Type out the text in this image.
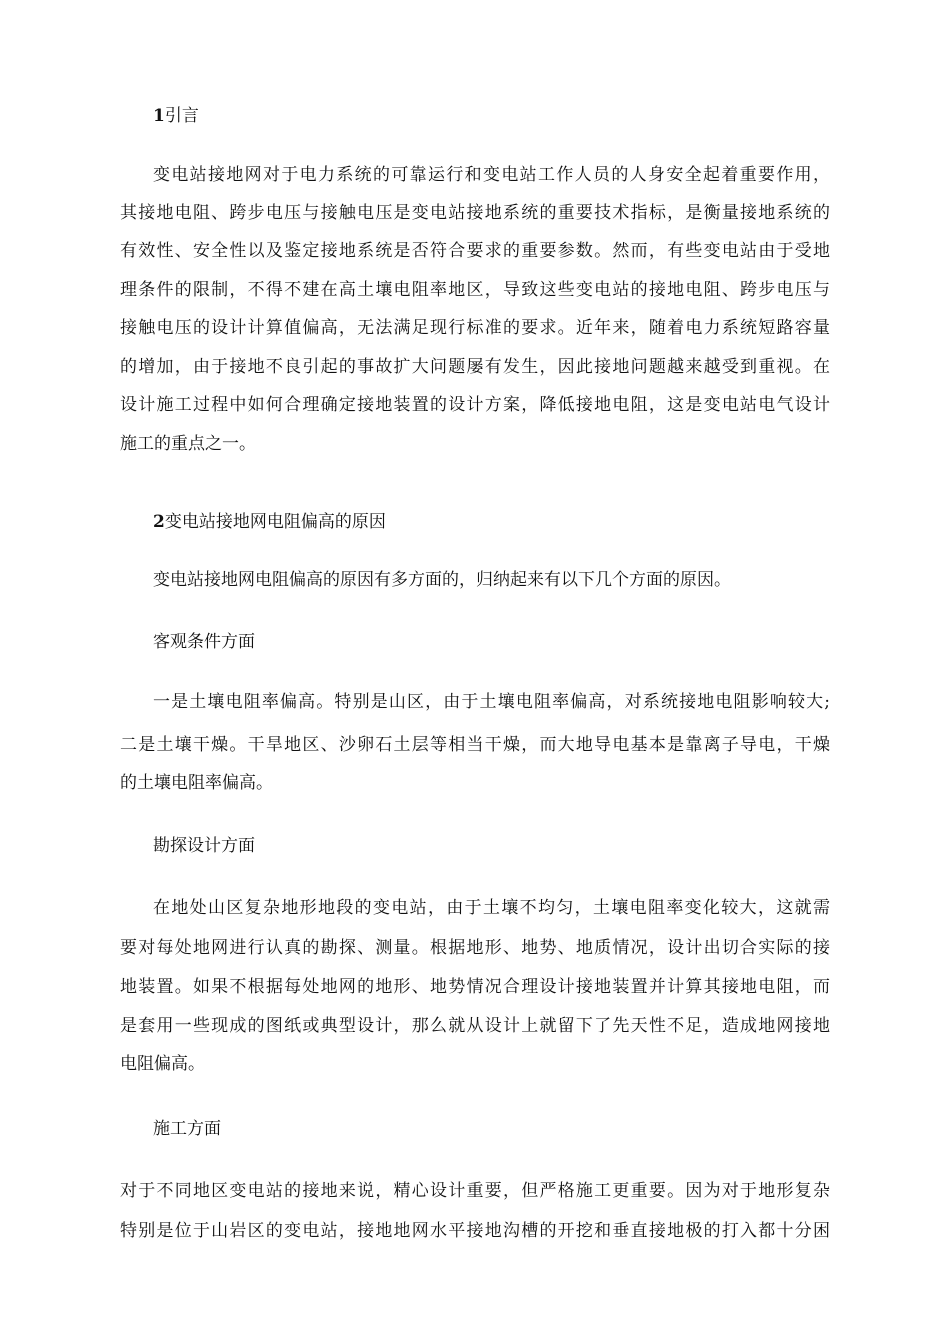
1引言
变电站接地网对于电力系统的可靠运行和变电站工作人员的人身安全起着重要作用，
其接地电阻、跨步电压与接触电压是变电站接地系统的重要技术指标，是衡量接地系统的
有效性、安全性以及鉴定接地系统是否符合要求的重要参数。然而，有些变电站由于受地
理条件的限制，不得不建在高土壤电阻率地区，导致这些变电站的接地电阻、跨步电压与
接触电压的设计计算值偏高，无法满足现行标准的要求。近年来，随着电力系统短路容量
的增加，由于接地不良引起的事故扩大问题屡有发生，因此接地问题越来越受到重视。在
设计施工过程中如何合理确定接地装置的设计方案，降低接地电阻，这是变电站电气设计
施工的重点之一。
2变电站接地网电阻偏高的原因
变电站接地网电阻偏高的原因有多方面的，归纳起来有以下几个方面的原因。
客观条件方面
一是土壤电阻率偏高。特别是山区，由于土壤电阻率偏高，对系统接地电阻影响较大;
二是土壤干燥。干旱地区、沙卵石土层等相当干燥，而大地导电基本是靠离子导电，干燥
的土壤电阻率偏高。
勘探设计方面
在地处山区复杂地形地段的变电站，由于土壤不均匀，土壤电阻率变化较大，这就需
要对每处地网进行认真的勘探、测量。根据地形、地势、地质情况，设计出切合实际的接
地装置。如果不根据每处地网的地形、地势情况合理设计接地装置并计算其接地电阻，而
是套用一些现成的图纸或典型设计，那么就从设计上就留下了先天性不足，造成地网接地
电阻偏高。
施工方面
对于不同地区变电站的接地来说，精心设计重要，但严格施工更重要。因为对于地形复杂
特别是位于山岩区的变电站，接地地网水平接地沟槽的开挖和垂直接地极的打入都十分困
